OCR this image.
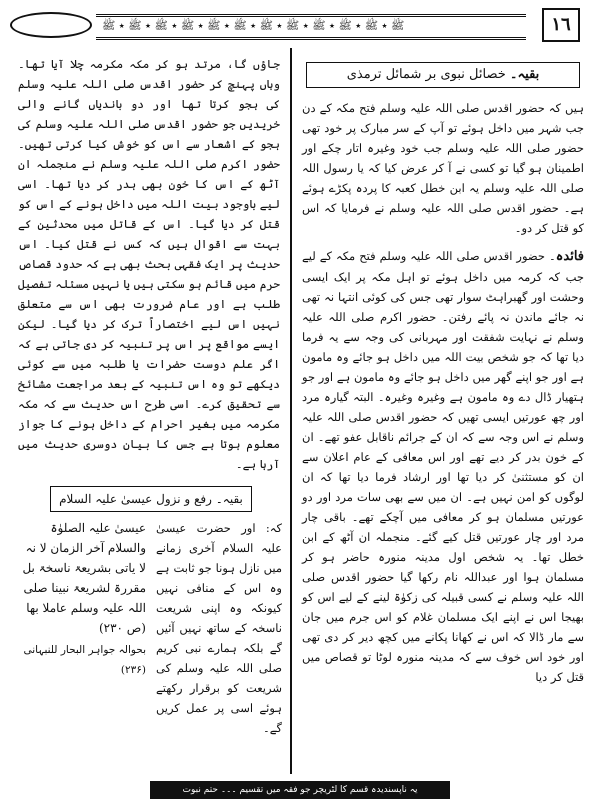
ﷺ ٭ ﷺ ٭ ﷺ ٭ ﷺ ٭ ﷺ ٭ ﷺ ٭ ﷺ ٭ ﷺ ٭ ﷺ ٭ ﷺ ٭ ﷺ ٭ ﷺ	١٦
بقیہ۔ خصائل نبوی بر شمائل ترمذی

ہیں کہ حضور اقدس صلی اللہ علیہ وسلم فتح مکہ کے دن جب شہر میں داخل ہوئے تو آپ کے سر مبارک پر خود تھی حضور صلی اللہ علیہ وسلم جب خود وغیرہ اتار چکے اور اطمینان ہو گیا تو کسی نے آ کر عرض کیا کہ یا رسول اللہ صلی اللہ علیہ وسلم یہ ابن خطل کعبہ کا پردہ پکڑے ہوئے ہے۔ حضور اقدس صلی اللہ علیہ وسلم نے فرمایا کہ اس کو قتل کر دو۔

فائدہ۔ حضور اقدس صلی اللہ علیہ وسلم فتح مکہ کے لیے جب کہ کرمہ میں داخل ہوئے تو اہل مکہ پر ایک ایسی وحشت اور گھبراہٹ سوار تھی جس کی کوئی انتہا نہ تھی نہ جائے ماندن نہ پائے رفتن۔ حضور اکرم صلی اللہ علیہ وسلم نے نہایت شفقت اور مہربانی کی وجہ سے یہ فرما دیا تھا کہ جو شخص بیت اللہ میں داخل ہو جائے وہ مامون ہے اور جو اپنے گھر میں داخل ہو جائے وہ مامون ہے اور جو ہتھیار ڈال دے وہ مامون ہے وغیرہ وغیرہ۔ البتہ گیارہ مرد اور چھ عورتیں ایسی تھیں کہ حضور اقدس صلی اللہ علیہ وسلم نے اس وجہ سے کہ ان کے جرائم ناقابل عفو تھے۔ ان کے خون بدر کر دیے تھے اور اس معافی کے عام اعلان سے ان کو مستثنیٰ کر دیا تھا اور ارشاد فرما دیا تھا کہ ان لوگوں کو امن نہیں ہے۔ ان میں سے بھی سات مرد اور دو عورتیں مسلمان ہو کر معافی میں آچکے تھے۔ باقی چار مرد اور چار عورتیں قتل کیے گئے۔ منجملہ ان آٹھ کے ابن خطل تھا۔ یہ شخص اول مدینہ منورہ حاضر ہو کر مسلمان ہوا اور عبداللہ نام رکھا گیا حضور اقدس صلی اللہ علیہ وسلم نے کسی قبیلہ کی زکوٰۃ لینے کے لیے اس کو بھیجا اس نے اپنے ایک مسلمان غلام کو اس جرم میں جان سے مار ڈالا کہ اس نے کھانا پکانے میں کچھ دیر کر دی تھی اور خود اس خوف سے کہ مدینہ منورہ لوٹا تو قصاص میں قتل کر دیا

جاؤں گا، مرتد ہو کر مکہ مکرمہ چلا آیا تھا۔ وہاں پہنچ کر حضور اقدس صلی اللہ علیہ وسلم کی ہجو کرتا تھا اور دو باندیاں گانے والی خریدیں جو حضور اقدس صلی اللہ علیہ وسلم کی ہجو کے اشعار سے اس کو خوش کیا کرتی تھیں۔ حضور اکرم صلی اللہ علیہ وسلم نے منجملہ ان آٹھ کے اس کا خون بھی ہدر کر دیا تھا۔ اسی لیے باوجود بیت اللہ میں داخل ہونے کے اس کو قتل کر دیا گیا۔ اس کے قاتل میں محدثین کے بہت سے اقوال ہیں کہ کس نے قتل کیا۔ اس حدیث پر ایک فقہی بحث بھی ہے کہ حدود قصاص حرم میں قائم ہو سکتی ہیں یا نہیں مسئلہ تفصیل طلب ہے اور عام ضرورت بھی اس سے متعلق نہیں اس لیے اختصاراً ترک کر دیا گیا۔ لیکن ایسے مواقع پر اس پر تنبیہ کر دی جاتی ہے کہ اگر علم دوست حضرات یا طلبہ میں سے کوئی دیکھے تو وہ اس تنبیہ کے بعد مراجعت مشائخ سے تحقیق کرے۔ اسی طرح اس حدیث سے کہ مکہ مکرمہ میں بغیر احرام کے داخل ہونے کا جواز معلوم ہوتا ہے جس کا بیان دوسری حدیث میں آرہا ہے۔

بقیہ۔ رفع و نزول عیسیٰ علیہ السلام
کہ: اور حضرت عیسیٰ علیہ السلام آخری زمانے میں نازل ہونا جو ثابت ہے وہ اس کے منافی نہیں کیونکہ وہ اپنی شریعت ناسخہ کے ساتھ نہیں آئیں گے بلکہ ہمارے نبی کریم صلی اللہ علیہ وسلم کی شریعت کو برقرار رکھتے ہوئے اسی پر عمل کریں گے۔
عیسیٰ علیہ الصلوٰۃ والسلام آخر الزمان لا نہ لا یاتی بشریعۃ ناسخۃ بل مقررۃ لشریعۃ نبینا صلی اللہ علیہ وسلم عاملا بھا (ص ۲۳۰)
بحوالہ جواہر البحار للنبہانی (۲۳۶)
یہ ناپسندیدہ قسم کا لٹریچر جو فقہ میں تقسیم ۔۔۔ حتم نبوت
